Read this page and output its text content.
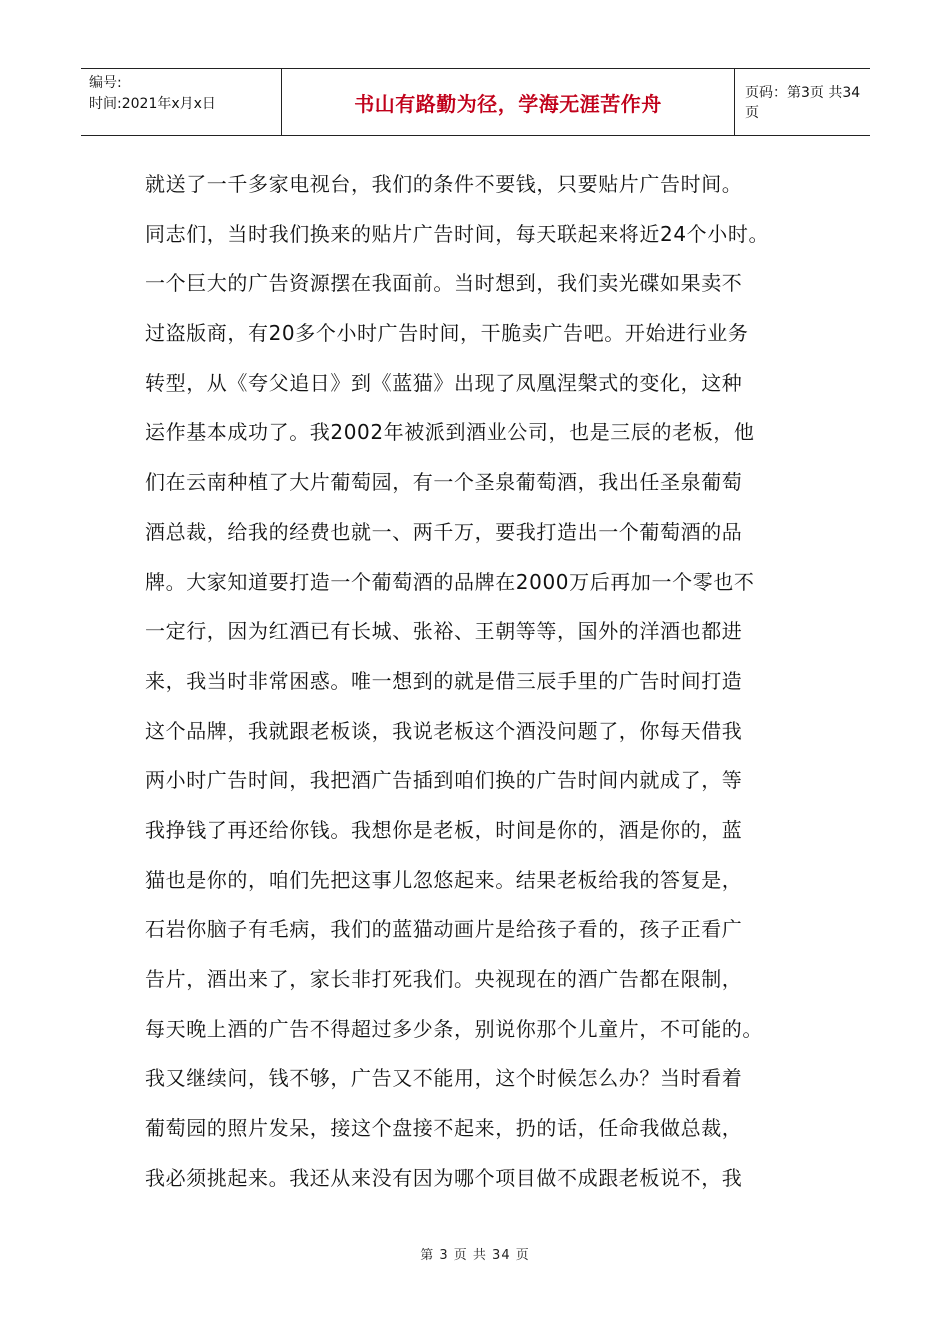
编号:
时间:2021年x月x日	书山有路勤为径，学海无涯苦作舟	页码：第3页 共34页
就送了一千多家电视台，我们的条件不要钱，只要贴片广告时间。
同志们，当时我们换来的贴片广告时间，每天联起来将近24个小时。
一个巨大的广告资源摆在我面前。当时想到，我们卖光碟如果卖不
过盗版商，有20多个小时广告时间，干脆卖广告吧。开始进行业务
转型，从《夸父追日》到《蓝猫》出现了凤凰涅槃式的变化，这种
运作基本成功了。我2002年被派到酒业公司，也是三辰的老板，他
们在云南种植了大片葡萄园，有一个圣泉葡萄酒，我出任圣泉葡萄
酒总裁，给我的经费也就一、两千万，要我打造出一个葡萄酒的品
牌。大家知道要打造一个葡萄酒的品牌在2000万后再加一个零也不
一定行，因为红酒已有长城、张裕、王朝等等，国外的洋酒也都进
来，我当时非常困惑。唯一想到的就是借三辰手里的广告时间打造
这个品牌，我就跟老板谈，我说老板这个酒没问题了，你每天借我
两小时广告时间，我把酒广告插到咱们换的广告时间内就成了，等
我挣钱了再还给你钱。我想你是老板，时间是你的，酒是你的，蓝
猫也是你的，咱们先把这事儿忽悠起来。结果老板给我的答复是，
石岩你脑子有毛病，我们的蓝猫动画片是给孩子看的，孩子正看广
告片，酒出来了，家长非打死我们。央视现在的酒广告都在限制，
每天晚上酒的广告不得超过多少条，别说你那个儿童片，不可能的。
我又继续问，钱不够，广告又不能用，这个时候怎么办？当时看着
葡萄园的照片发呆，接这个盘接不起来，扔的话，任命我做总裁，
我必须挑起来。我还从来没有因为哪个项目做不成跟老板说不，我
第 3 页 共 34 页
